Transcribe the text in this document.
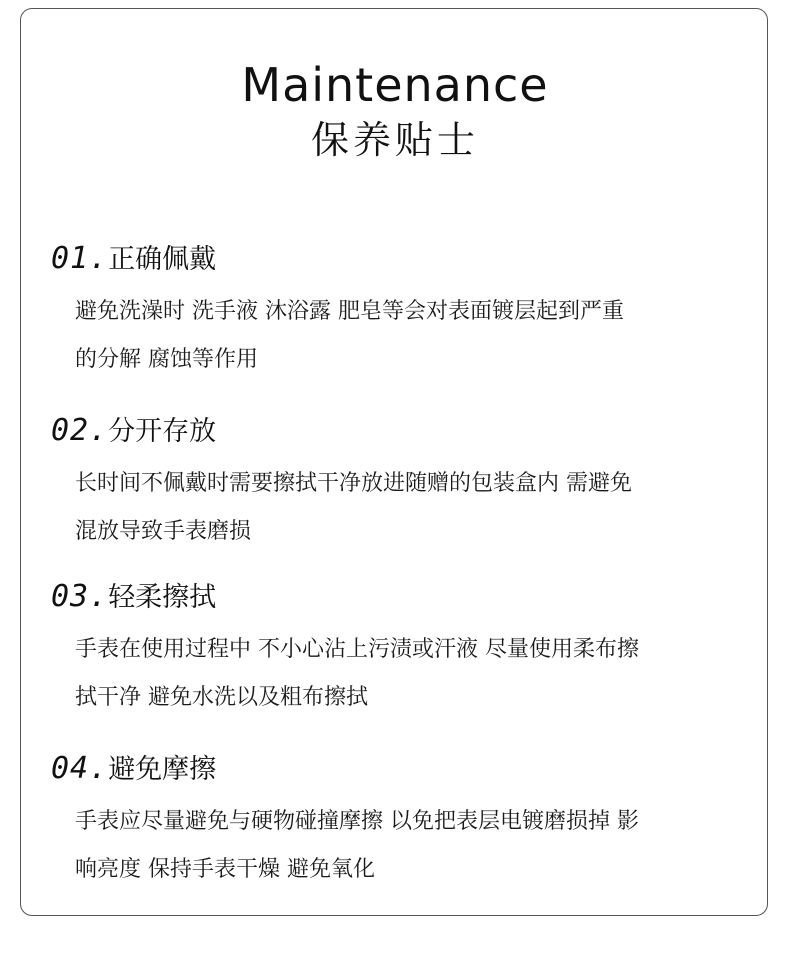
Maintenance
保养贴士
01.正确佩戴
避免洗澡时 洗手液 沐浴露 肥皂等会对表面镀层起到严重
的分解 腐蚀等作用
02.分开存放
长时间不佩戴时需要擦拭干净放进随赠的包装盒内 需避免
混放导致手表磨损
03.轻柔擦拭
手表在使用过程中 不小心沾上污渍或汗液 尽量使用柔布擦
拭干净 避免水洗以及粗布擦拭
04.避免摩擦
手表应尽量避免与硬物碰撞摩擦 以免把表层电镀磨损掉 影
响亮度 保持手表干燥 避免氧化
